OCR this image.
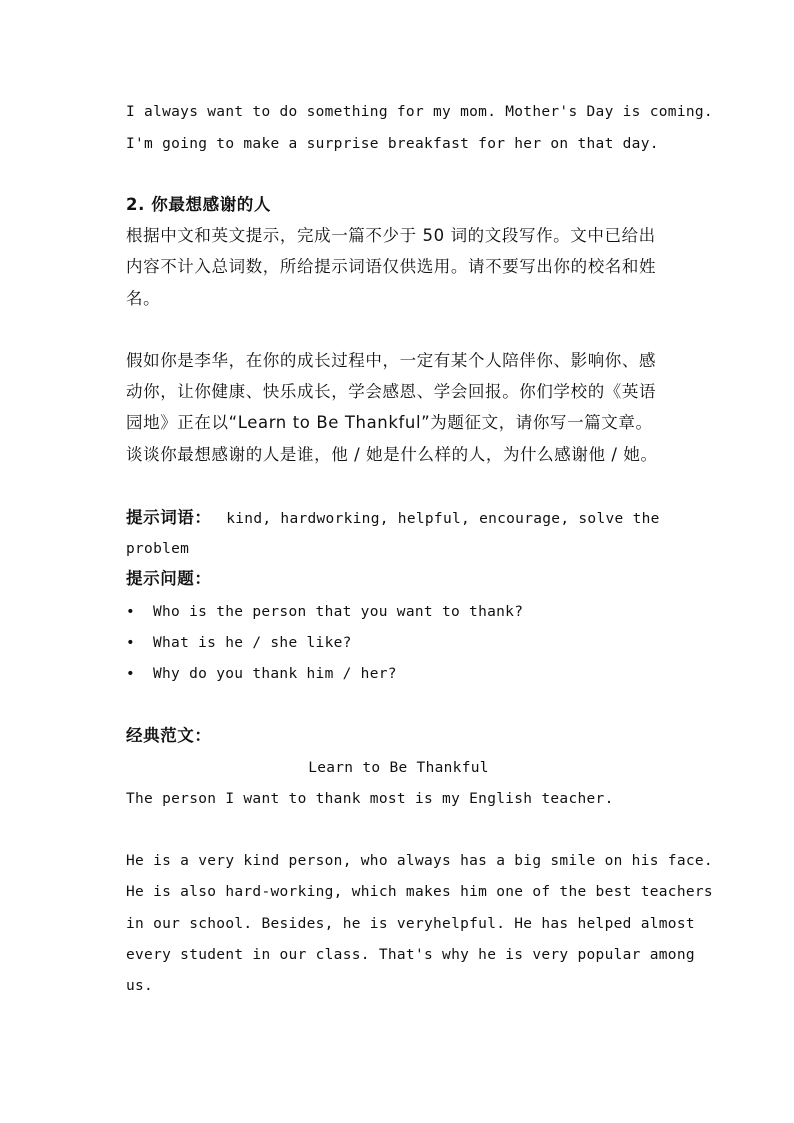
I always want to do something for my mom. Mother's Day is coming.
I'm going to make a surprise breakfast for her on that day.
2. 你最想感谢的人
根据中文和英文提示，完成一篇不少于 50 词的文段写作。文中已给出
内容不计入总词数，所给提示词语仅供选用。请不要写出你的校名和姓
名。
假如你是李华，在你的成长过程中，一定有某个人陪伴你、影响你、感
动你，让你健康、快乐成长，学会感恩、学会回报。你们学校的《英语
园地》正在以“Learn to Be Thankful”为题征文，请你写一篇文章。
谈谈你最想感谢的人是谁，他 / 她是什么样的人，为什么感谢他 / 她。
提示词语： kind, hardworking, helpful, encourage, solve the
problem
提示问题：
• Who is the person that you want to thank?
• What is he / she like?
• Why do you thank him / her?
经典范文：
Learn to Be Thankful
The person I want to thank most is my English teacher.
He is a very kind person, who always has a big smile on his face.
He is also hard-working, which makes him one of the best teachers
in our school. Besides, he is veryhelpful. He has helped almost
every student in our class. That's why he is very popular among
us.
